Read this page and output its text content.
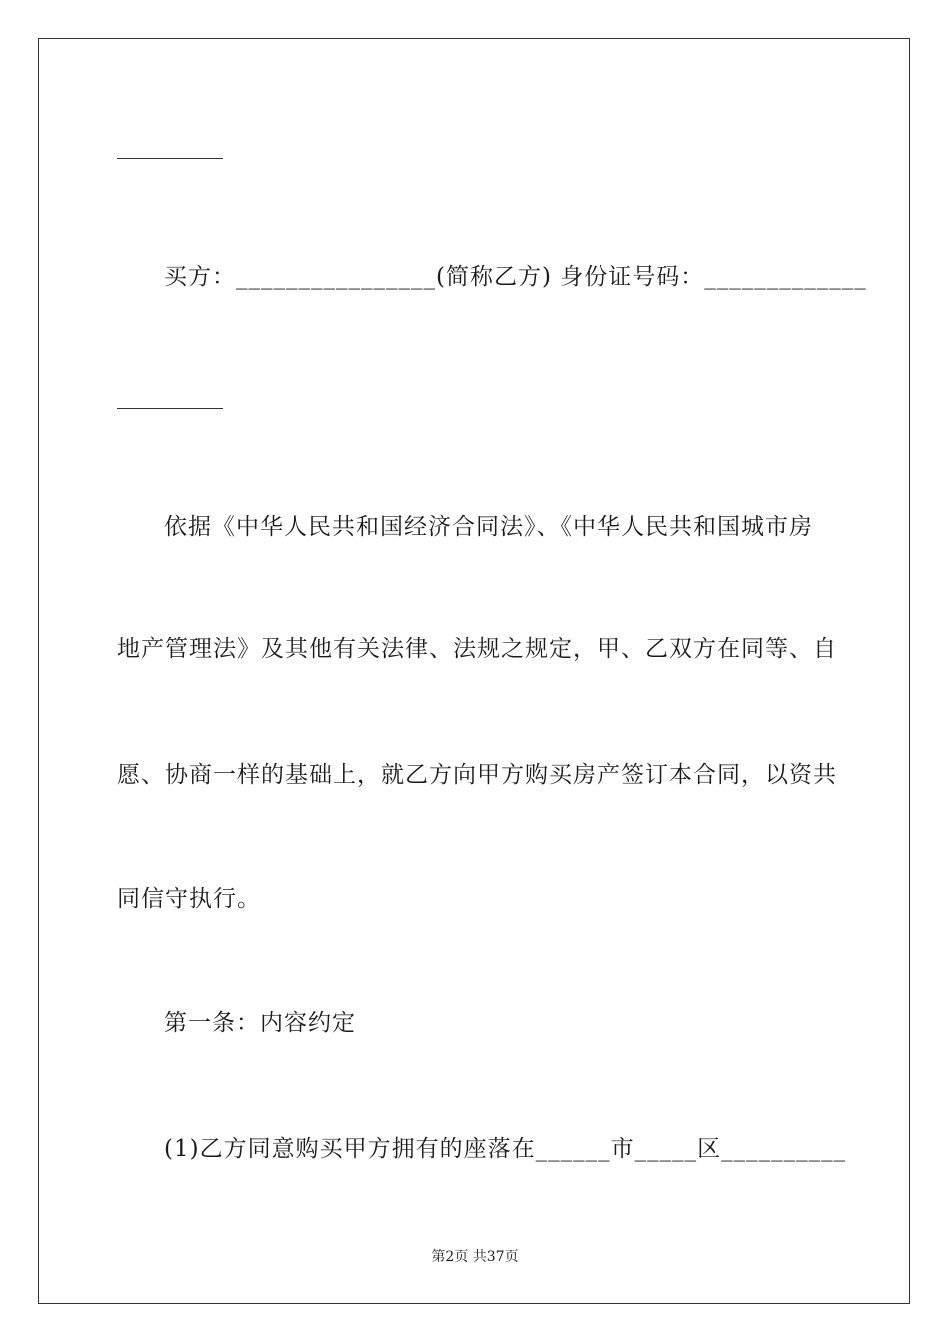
买方：________________(简称乙方) 身份证号码：_____________
依据《中华人民共和国经济合同法》、《中华人民共和国城市房
地产管理法》及其他有关法律、法规之规定，甲、乙双方在同等、自
愿、协商一样的基础上，就乙方向甲方购买房产签订本合同，以资共
同信守执行。
第一条：内容约定
(1)乙方同意购买甲方拥有的座落在______市_____区__________
第2页 共37页
